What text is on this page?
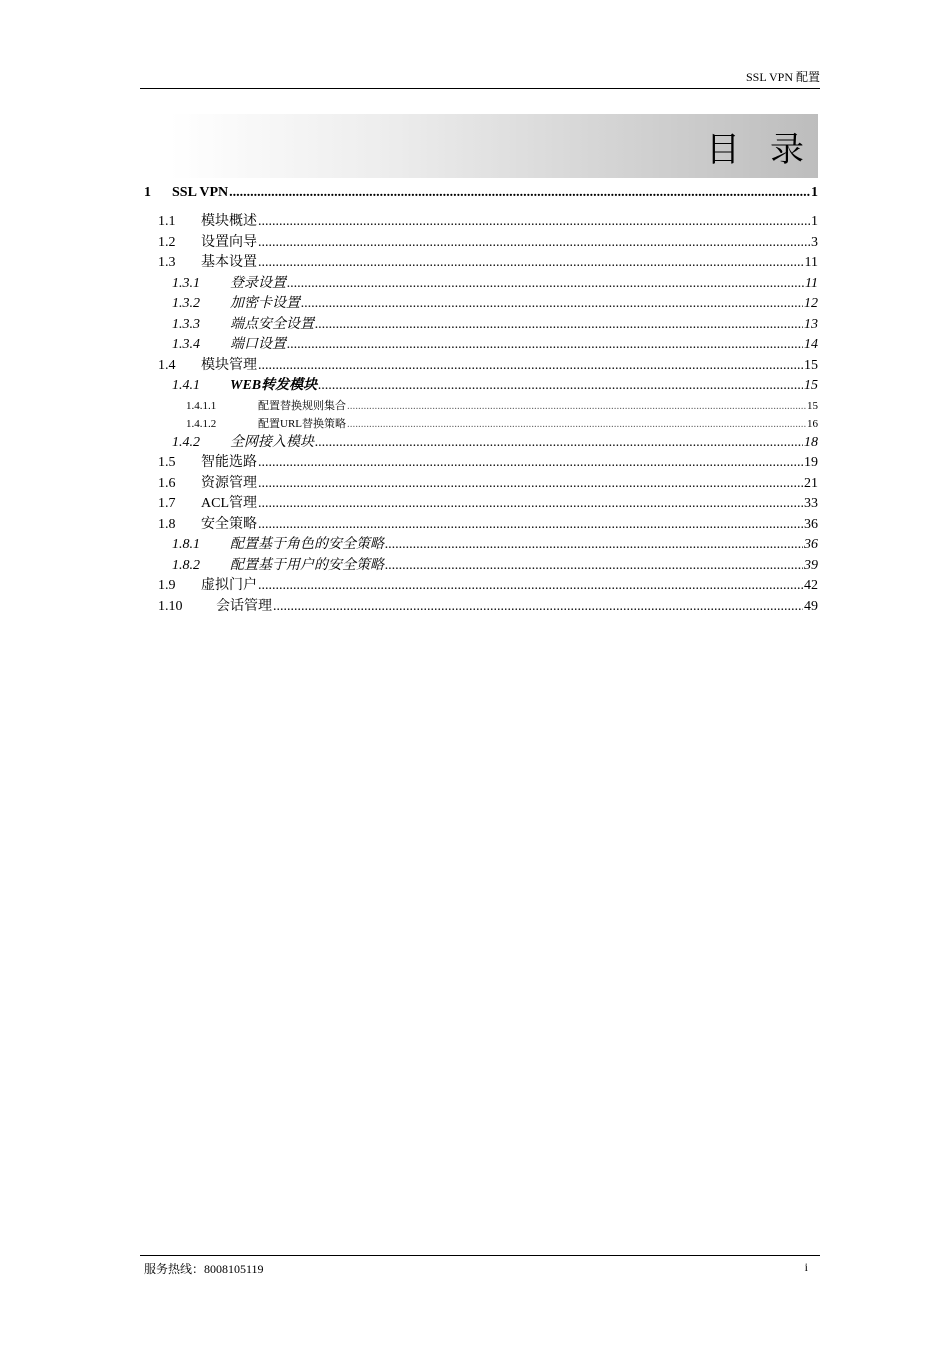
SSL VPN 配置
目录
1	SSL VPN .....	1
1.1	模块概述 .....	1
1.2	设置向导 .....	3
1.3	基本设置 .....	11
1.3.1	登录设置 .....	11
1.3.2	加密卡设置 .....	12
1.3.3	端点安全设置 .....	13
1.3.4	端口设置 .....	14
1.4	模块管理 .....	15
1.4.1	WEB转发模块 .....	15
1.4.1.1	配置替换规则集合 .....	15
1.4.1.2	配置URL替换策略 .....	16
1.4.2	全网接入模块 .....	18
1.5	智能选路 .....	19
1.6	资源管理 .....	21
1.7	ACL管理 .....	33
1.8	安全策略 .....	36
1.8.1	配置基于角色的安全策略 .....	36
1.8.2	配置基于用户的安全策略 .....	39
1.9	虚拟门户 .....	42
1.10	会话管理 .....	49
服务热线：8008105119	i
